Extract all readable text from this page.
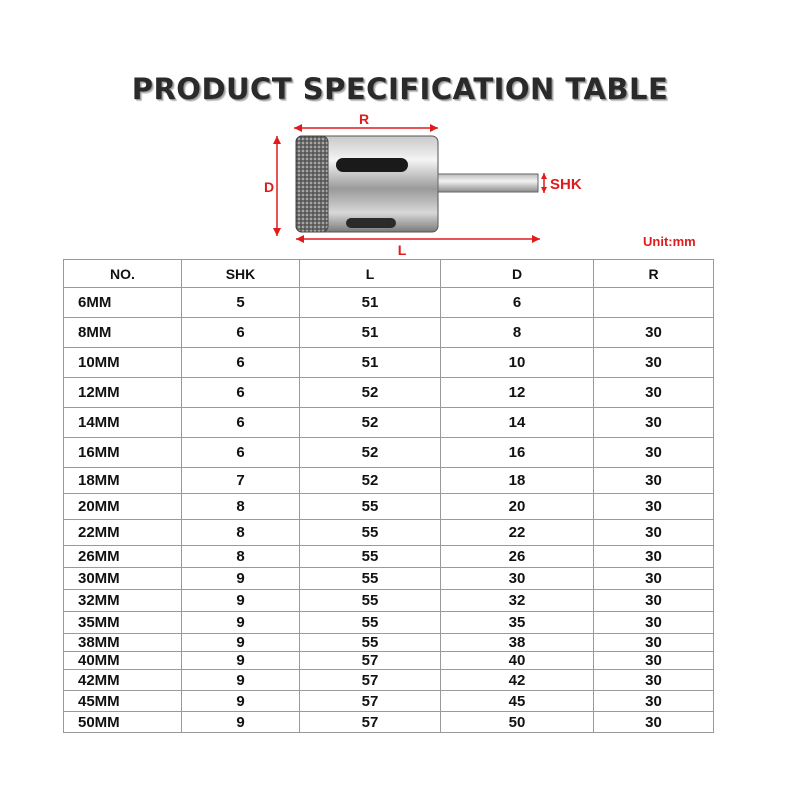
PRODUCT SPECIFICATION TABLE
R
D	SHK
L
Unit:mm
NO.	SHK	L	D	R
6MM	5	51	6	
8MM	6	51	8	30
10MM	6	51	10	30
12MM	6	52	12	30
14MM	6	52	14	30
16MM	6	52	16	30
18MM	7	52	18	30
20MM	8	55	20	30
22MM	8	55	22	30
26MM	8	55	26	30
30MM	9	55	30	30
32MM	9	55	32	30
35MM	9	55	35	30
38MM	9	55	38	30
40MM	9	57	40	30
42MM	9	57	42	30
45MM	9	57	45	30
50MM	9	57	50	30
